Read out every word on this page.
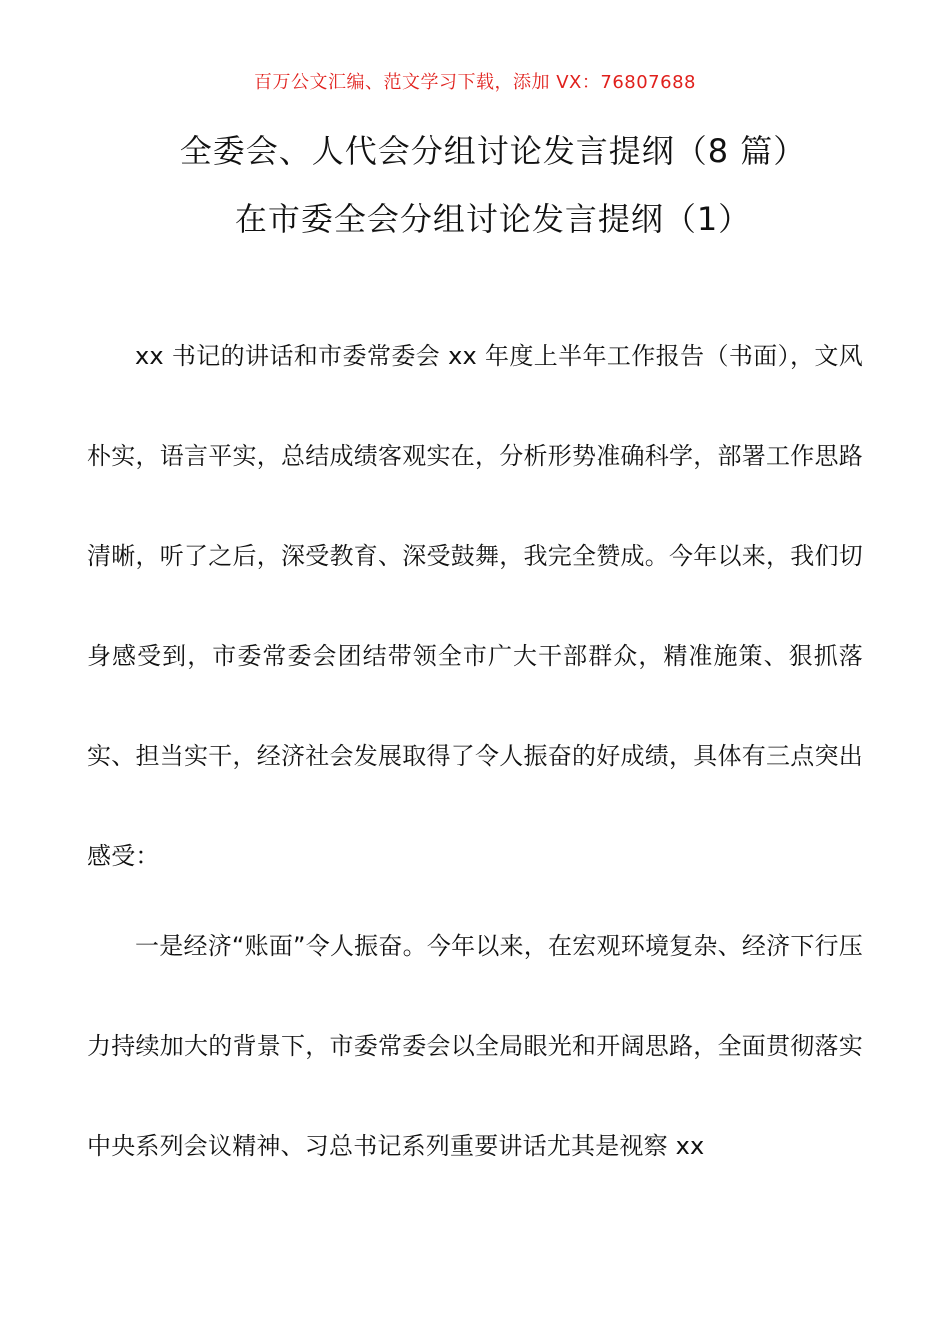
百万公文汇编、范文学习下载，添加 VX：76807688
全委会、人代会分组讨论发言提纲（8 篇）
在市委全会分组讨论发言提纲（1）

xx 书记的讲话和市委常委会 xx 年度上半年工作报告（书面），文风朴实，语言平实，总结成绩客观实在，分析形势准确科学，部署工作思路清晰，听了之后，深受教育、深受鼓舞，我完全赞成。今年以来，我们切身感受到，市委常委会团结带领全市广大干部群众，精准施策、狠抓落实、担当实干，经济社会发展取得了令人振奋的好成绩，具体有三点突出感受：

一是经济“账面”令人振奋。今年以来，在宏观环境复杂、经济下行压力持续加大的背景下，市委常委会以全局眼光和开阔思路，全面贯彻落实中央系列会议精神、习总书记系列重要讲话尤其是视察 xx
